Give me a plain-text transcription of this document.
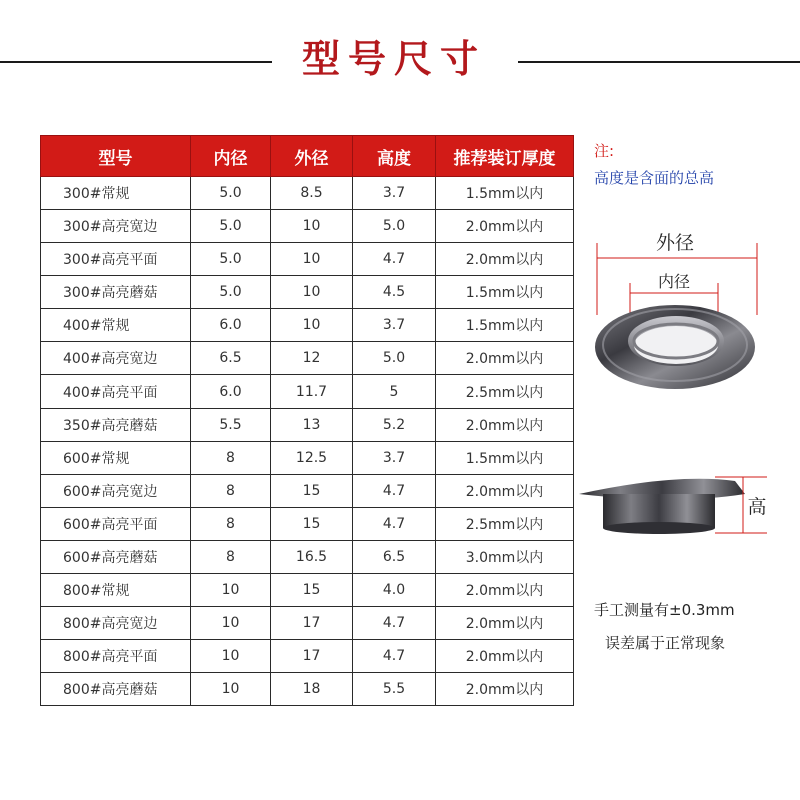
型号尺寸
型号	内径	外径	高度	推荐装订厚度
300#常规	5.0	8.5	3.7	1.5mm以内
300#高亮宽边	5.0	10	5.0	2.0mm以内
300#高亮平面	5.0	10	4.7	2.0mm以内
300#高亮蘑菇	5.0	10	4.5	1.5mm以内
400#常规	6.0	10	3.7	1.5mm以内
400#高亮宽边	6.5	12	5.0	2.0mm以内
400#高亮平面	6.0	11.7	5	2.5mm以内
350#高亮蘑菇	5.5	13	5.2	2.0mm以内
600#常规	8	12.5	3.7	1.5mm以内
600#高亮宽边	8	15	4.7	2.0mm以内
600#高亮平面	8	15	4.7	2.5mm以内
600#高亮蘑菇	8	16.5	6.5	3.0mm以内
800#常规	10	15	4.0	2.0mm以内
800#高亮宽边	10	17	4.7	2.0mm以内
800#高亮平面	10	17	4.7	2.0mm以内
800#高亮蘑菇	10	18	5.5	2.0mm以内
注:
高度是含面的总高
外径
内径
高
手工测量有±0.3mm
误差属于正常现象
